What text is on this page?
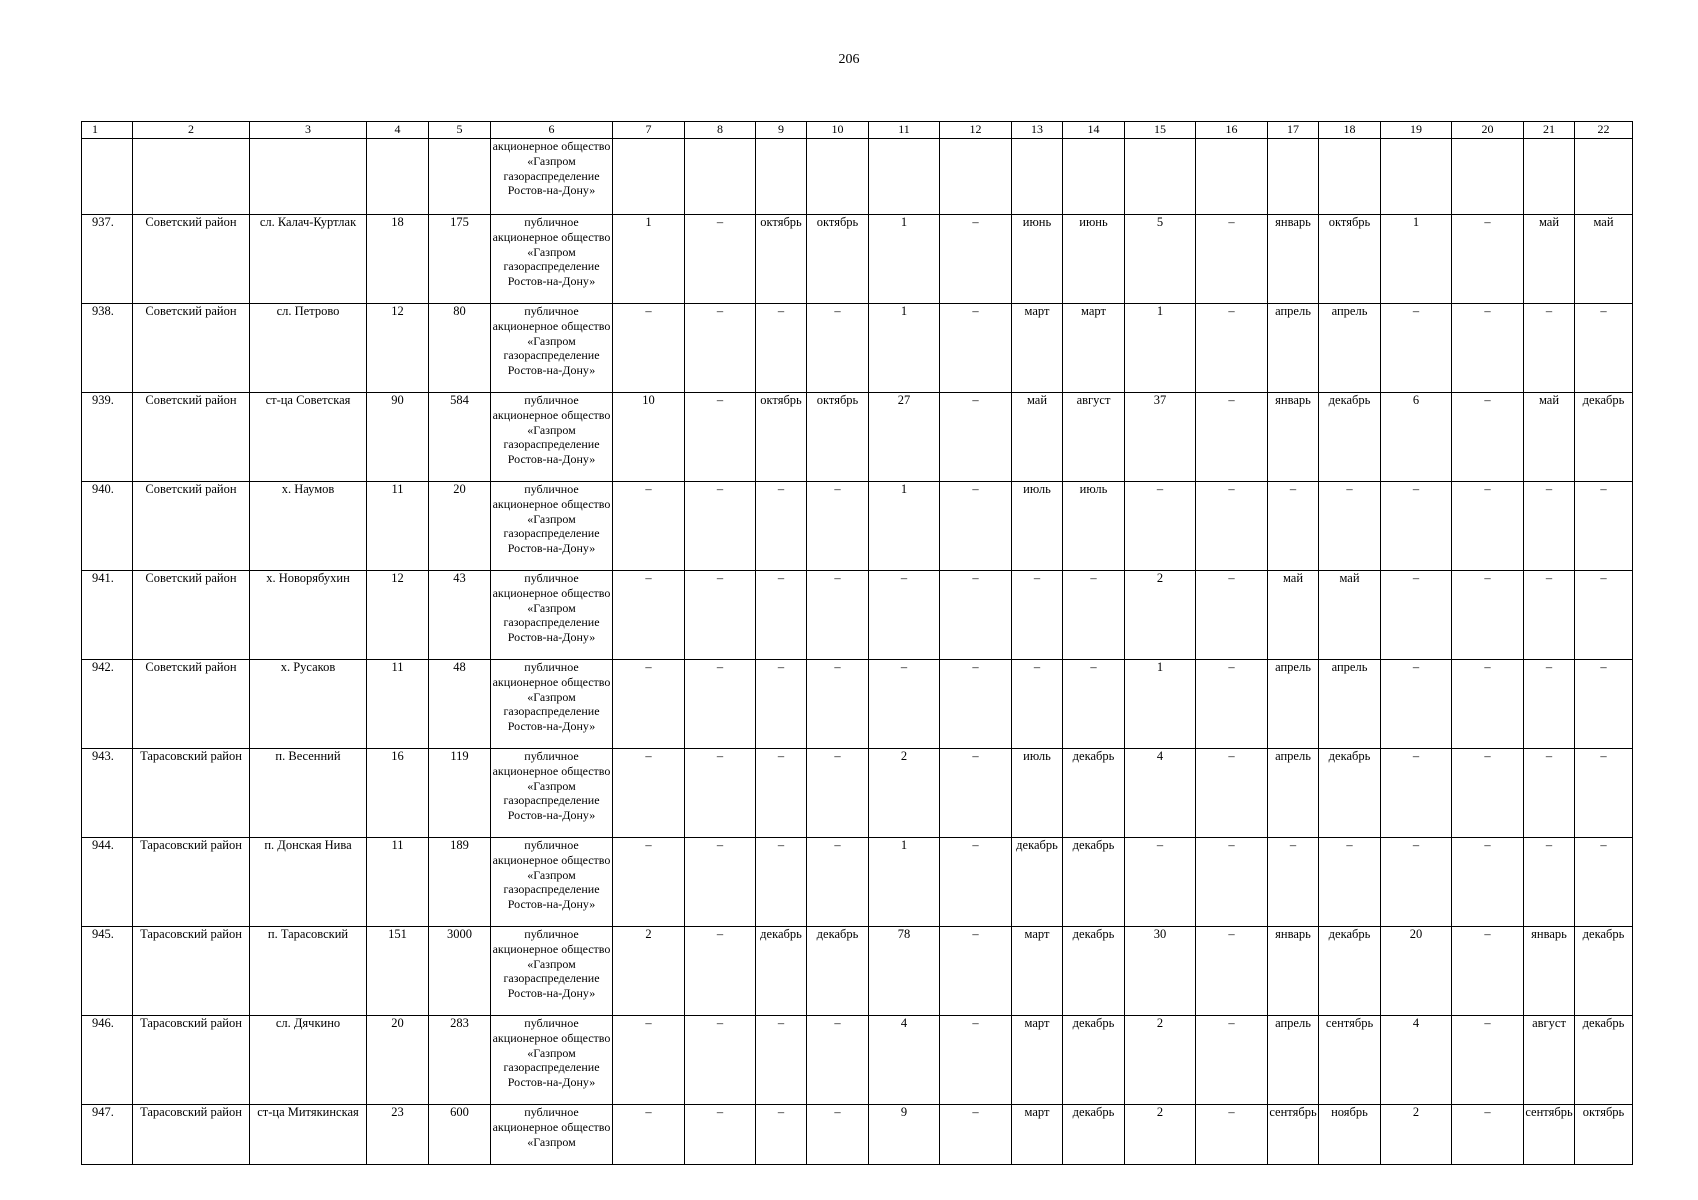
206
1	2	3	4	5	6	7	8	9	10	11	12	13	14	15	16	17	18	19	20	21	22
					акционерное общество «Газпром газораспределение Ростов-на-Дону»																
937.	Советский район	сл. Калач-Куртлак	18	175	публичное акционерное общество «Газпром газораспределение Ростов-на-Дону»	1	–	октябрь	октябрь	1	–	июнь	июнь	5	–	январь	октябрь	1	–	май	май
938.	Советский район	сл. Петрово	12	80	публичное акционерное общество «Газпром газораспределение Ростов-на-Дону»	–	–	–	–	1	–	март	март	1	–	апрель	апрель	–	–	–	–
939.	Советский район	ст-ца Советская	90	584	публичное акционерное общество «Газпром газораспределение Ростов-на-Дону»	10	–	октябрь	октябрь	27	–	май	август	37	–	январь	декабрь	6	–	май	декабрь
940.	Советский район	х. Наумов	11	20	публичное акционерное общество «Газпром газораспределение Ростов-на-Дону»	–	–	–	–	1	–	июль	июль	–	–	–	–	–	–	–	–
941.	Советский район	х. Новорябухин	12	43	публичное акционерное общество «Газпром газораспределение Ростов-на-Дону»	–	–	–	–	–	–	–	–	2	–	май	май	–	–	–	–
942.	Советский район	х. Русаков	11	48	публичное акционерное общество «Газпром газораспределение Ростов-на-Дону»	–	–	–	–	–	–	–	–	1	–	апрель	апрель	–	–	–	–
943.	Тарасовский район	п. Весенний	16	119	публичное акционерное общество «Газпром газораспределение Ростов-на-Дону»	–	–	–	–	2	–	июль	декабрь	4	–	апрель	декабрь	–	–	–	–
944.	Тарасовский район	п. Донская Нива	11	189	публичное акционерное общество «Газпром газораспределение Ростов-на-Дону»	–	–	–	–	1	–	декабрь	декабрь	–	–	–	–	–	–	–	–
945.	Тарасовский район	п. Тарасовский	151	3000	публичное акционерное общество «Газпром газораспределение Ростов-на-Дону»	2	–	декабрь	декабрь	78	–	март	декабрь	30	–	январь	декабрь	20	–	январь	декабрь
946.	Тарасовский район	сл. Дячкино	20	283	публичное акционерное общество «Газпром газораспределение Ростов-на-Дону»	–	–	–	–	4	–	март	декабрь	2	–	апрель	сентябрь	4	–	август	декабрь
947.	Тарасовский район	ст-ца Митякинская	23	600	публичное акционерное общество «Газпром	–	–	–	–	9	–	март	декабрь	2	–	сентябрь	ноябрь	2	–	сентябрь	октябрь
